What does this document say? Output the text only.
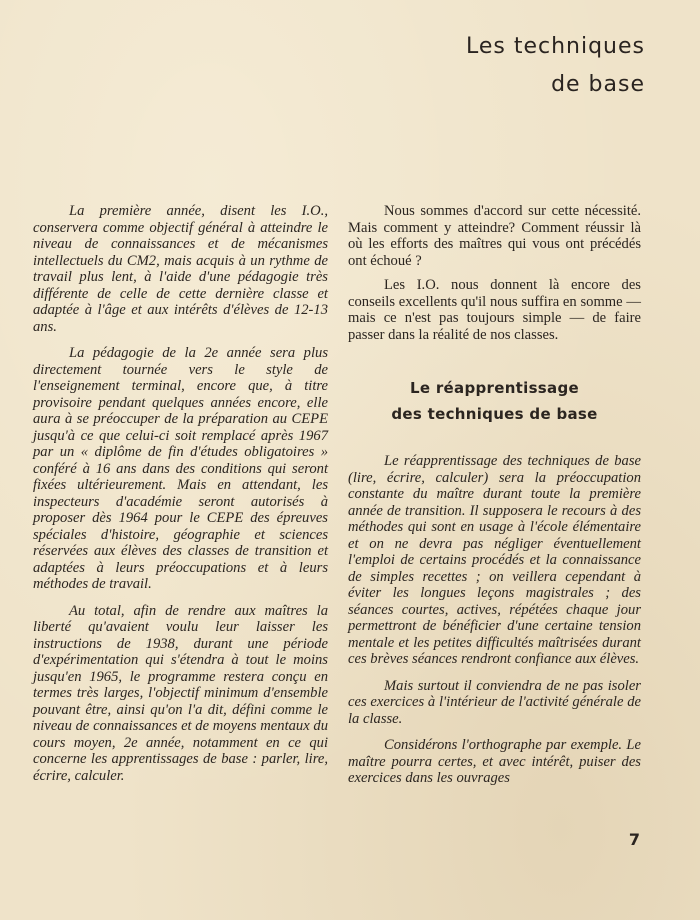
Les techniques
de base

La première année, disent les I.O., conservera comme objectif général à atteindre le niveau de connaissances et de mécanismes intellectuels du CM2, mais acquis à un rythme de travail plus lent, à l'aide d'une pédagogie très différente de celle de cette dernière classe et adaptée à l'âge et aux intérêts d'élèves de 12-13 ans.

La pédagogie de la 2e année sera plus directement tournée vers le style de l'enseignement terminal, encore que, à titre provisoire pendant quelques années encore, elle aura à se préoccuper de la préparation au CEPE jusqu'à ce que celui-ci soit remplacé après 1967 par un « diplôme de fin d'études obligatoires » conféré à 16 ans dans des conditions qui seront fixées ultérieurement. Mais en attendant, les inspecteurs d'académie seront autorisés à proposer dès 1964 pour le CEPE des épreuves spéciales d'histoire, géographie et sciences réservées aux élèves des classes de transition et adaptées à leurs préoccupations et à leurs méthodes de travail.

Au total, afin de rendre aux maîtres la liberté qu'avaient voulu leur laisser les instructions de 1938, durant une période d'expérimentation qui s'étendra à tout le moins jusqu'en 1965, le programme restera conçu en termes très larges, l'objectif minimum d'ensemble pouvant être, ainsi qu'on l'a dit, défini comme le niveau de connaissances et de moyens mentaux du cours moyen, 2e année, notamment en ce qui concerne les apprentissages de base : parler, lire, écrire, calculer.

Nous sommes d'accord sur cette nécessité. Mais comment y atteindre? Comment réussir là où les efforts des maîtres qui vous ont précédés ont échoué ?

Les I.O. nous donnent là encore des conseils excellents qu'il nous suffira en somme — mais ce n'est pas toujours simple — de faire passer dans la réalité de nos classes.

Le réapprentissage
des techniques de base

Le réapprentissage des techniques de base (lire, écrire, calculer) sera la préoccupation constante du maître durant toute la première année de transition. Il supposera le recours à des méthodes qui sont en usage à l'école élémentaire et on ne devra pas négliger éventuellement l'emploi de certains procédés et la connaissance de simples recettes ; on veillera cependant à éviter les longues leçons magistrales ; des séances courtes, actives, répétées chaque jour permettront de bénéficier d'une certaine tension mentale et les petites difficultés maîtrisées durant ces brèves séances rendront confiance aux élèves.

Mais surtout il conviendra de ne pas isoler ces exercices à l'intérieur de l'activité générale de la classe.

Considérons l'orthographe par exemple. Le maître pourra certes, et avec intérêt, puiser des exercices dans les ouvrages

7
